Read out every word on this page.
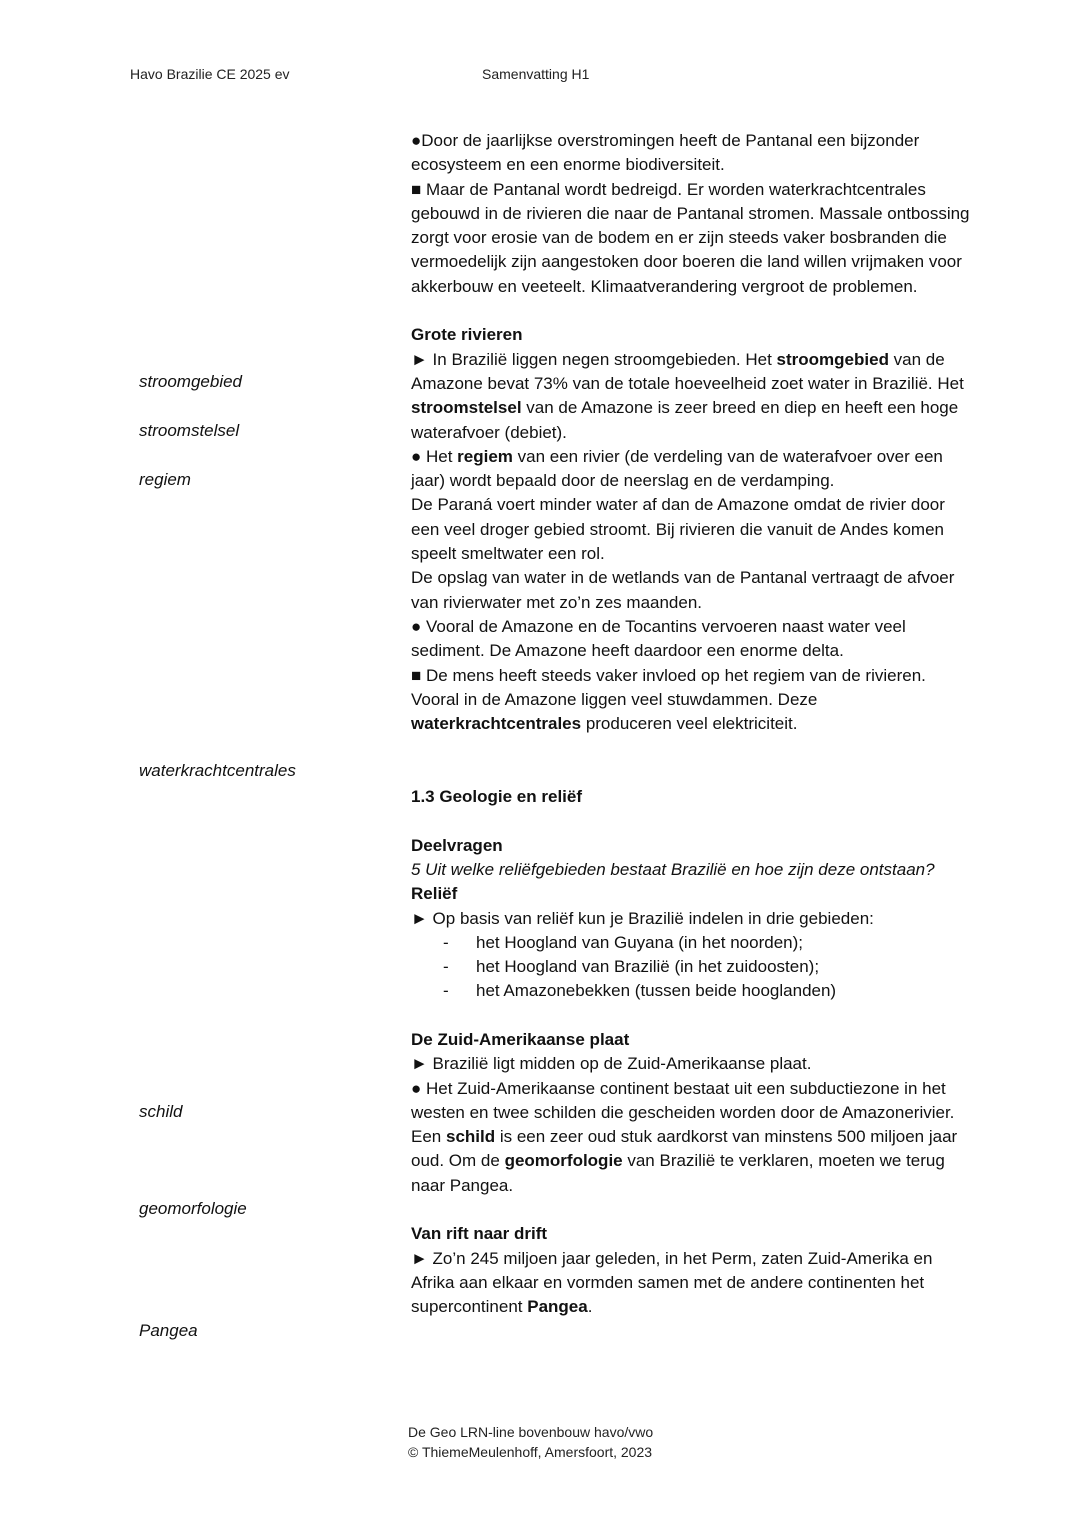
Havo Brazilie CE 2025 ev	Samenvatting H1
stroomgebied
stroomstelsel
regiem
waterkrachtcentrales
schild
geomorfologie
Pangea

●Door de jaarlijkse overstromingen heeft de Pantanal een bijzonder ecosysteem en een enorme biodiversiteit.

■ Maar de Pantanal wordt bedreigd. Er worden waterkrachtcentrales gebouwd in de rivieren die naar de Pantanal stromen. Massale ontbossing zorgt voor erosie van de bodem en er zijn steeds vaker bosbranden die vermoedelijk zijn aangestoken door boeren die land willen vrijmaken voor akkerbouw en veeteelt. Klimaatverandering vergroot de problemen.

Grote rivieren

► In Brazilië liggen negen stroomgebieden. Het stroomgebied van de Amazone bevat 73% van de totale hoeveelheid zoet water in Brazilië. Het stroomstelsel van de Amazone is zeer breed en diep en heeft een hoge waterafvoer (debiet).

● Het regiem van een rivier (de verdeling van de waterafvoer over een jaar) wordt bepaald door de neerslag en de verdamping.

De Paraná voert minder water af dan de Amazone omdat de rivier door een veel droger gebied stroomt. Bij rivieren die vanuit de Andes komen speelt smeltwater een rol.

De opslag van water in de wetlands van de Pantanal vertraagt de afvoer van rivierwater met zo’n zes maanden.

● Vooral de Amazone en de Tocantins vervoeren naast water veel sediment. De Amazone heeft daardoor een enorme delta.

■ De mens heeft steeds vaker invloed op het regiem van de rivieren. Vooral in de Amazone liggen veel stuwdammen. Deze waterkrachtcentrales produceren veel elektriciteit.

1.3 Geologie en reliëf

Deelvragen

5 Uit welke reliëfgebieden bestaat Brazilië en hoe zijn deze ontstaan?

Reliëf

► Op basis van reliëf kun je Brazilië indelen in drie gebieden:

- het Hoogland van Guyana (in het noorden);

- het Hoogland van Brazilië (in het zuidoosten);

- het Amazonebekken (tussen beide hooglanden)

De Zuid-Amerikaanse plaat

► Brazilië ligt midden op de Zuid-Amerikaanse plaat.

● Het Zuid-Amerikaanse continent bestaat uit een subductiezone in het westen en twee schilden die gescheiden worden door de Amazonerivier. Een schild is een zeer oud stuk aardkorst van minstens 500 miljoen jaar oud. Om de geomorfologie van Brazilië te verklaren, moeten we terug naar Pangea.

Van rift naar drift

► Zo’n 245 miljoen jaar geleden, in het Perm, zaten Zuid-Amerika en Afrika aan elkaar en vormden samen met de andere continenten het supercontinent Pangea.

De Geo LRN-line bovenbouw havo/vwo

© ThiemeMeulenhoff, Amersfoort, 2023
